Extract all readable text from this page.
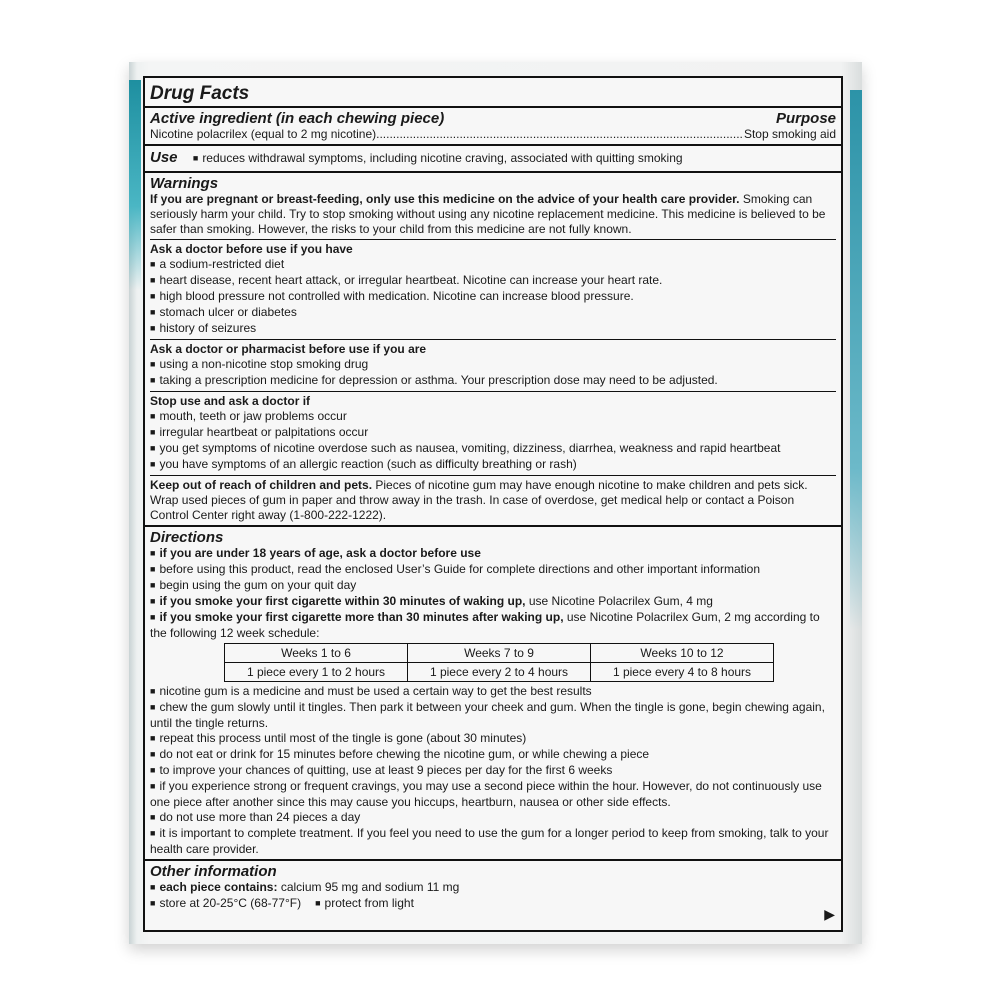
Drug Facts
Active ingredient (in each chewing piece)	Purpose
Nicotine polacrilex (equal to 2 mg nicotine) .....	Stop smoking aid
Use ■ reduces withdrawal symptoms, including nicotine craving, associated with quitting smoking
Warnings

If you are pregnant or breast-feeding, only use this medicine on the advice of your health care provider. Smoking can seriously harm your child. Try to stop smoking without using any nicotine replacement medicine. This medicine is believed to be safer than smoking. However, the risks to your child from this medicine are not fully known.

Ask a doctor before use if you have
■ a sodium-restricted diet
■ heart disease, recent heart attack, or irregular heartbeat. Nicotine can increase your heart rate.
■ high blood pressure not controlled with medication. Nicotine can increase blood pressure.
■ stomach ulcer or diabetes
■ history of seizures
Ask a doctor or pharmacist before use if you are
■ using a non-nicotine stop smoking drug
■ taking a prescription medicine for depression or asthma. Your prescription dose may need to be adjusted.
Stop use and ask a doctor if
■ mouth, teeth or jaw problems occur
■ irregular heartbeat or palpitations occur
■ you get symptoms of nicotine overdose such as nausea, vomiting, dizziness, diarrhea, weakness and rapid heartbeat
■ you have symptoms of an allergic reaction (such as difficulty breathing or rash)

Keep out of reach of children and pets. Pieces of nicotine gum may have enough nicotine to make children and pets sick. Wrap used pieces of gum in paper and throw away in the trash. In case of overdose, get medical help or contact a Poison Control Center right away (1-800-222-1222).

Directions
■ if you are under 18 years of age, ask a doctor before use
■ before using this product, read the enclosed User’s Guide for complete directions and other important information
■ begin using the gum on your quit day
■ if you smoke your first cigarette within 30 minutes of waking up, use Nicotine Polacrilex Gum, 4 mg
■ if you smoke your first cigarette more than 30 minutes after waking up, use Nicotine Polacrilex Gum, 2 mg according to the following 12 week schedule:
Weeks 1 to 6	Weeks 7 to 9	Weeks 10 to 12
1 piece every 1 to 2 hours	1 piece every 2 to 4 hours	1 piece every 4 to 8 hours
■ nicotine gum is a medicine and must be used a certain way to get the best results
■ chew the gum slowly until it tingles. Then park it between your cheek and gum. When the tingle is gone, begin chewing again, until the tingle returns.
■ repeat this process until most of the tingle is gone (about 30 minutes)
■ do not eat or drink for 15 minutes before chewing the nicotine gum, or while chewing a piece
■ to improve your chances of quitting, use at least 9 pieces per day for the first 6 weeks
■ if you experience strong or frequent cravings, you may use a second piece within the hour. However, do not continuously use one piece after another since this may cause you hiccups, heartburn, nausea or other side effects.
■ do not use more than 24 pieces a day
■ it is important to complete treatment. If you feel you need to use the gum for a longer period to keep from smoking, talk to your health care provider.
Other information
■ each piece contains: calcium 95 mg and sodium 11 mg
■ store at 20-25°C (68-77°F) ■ protect from light
▶
